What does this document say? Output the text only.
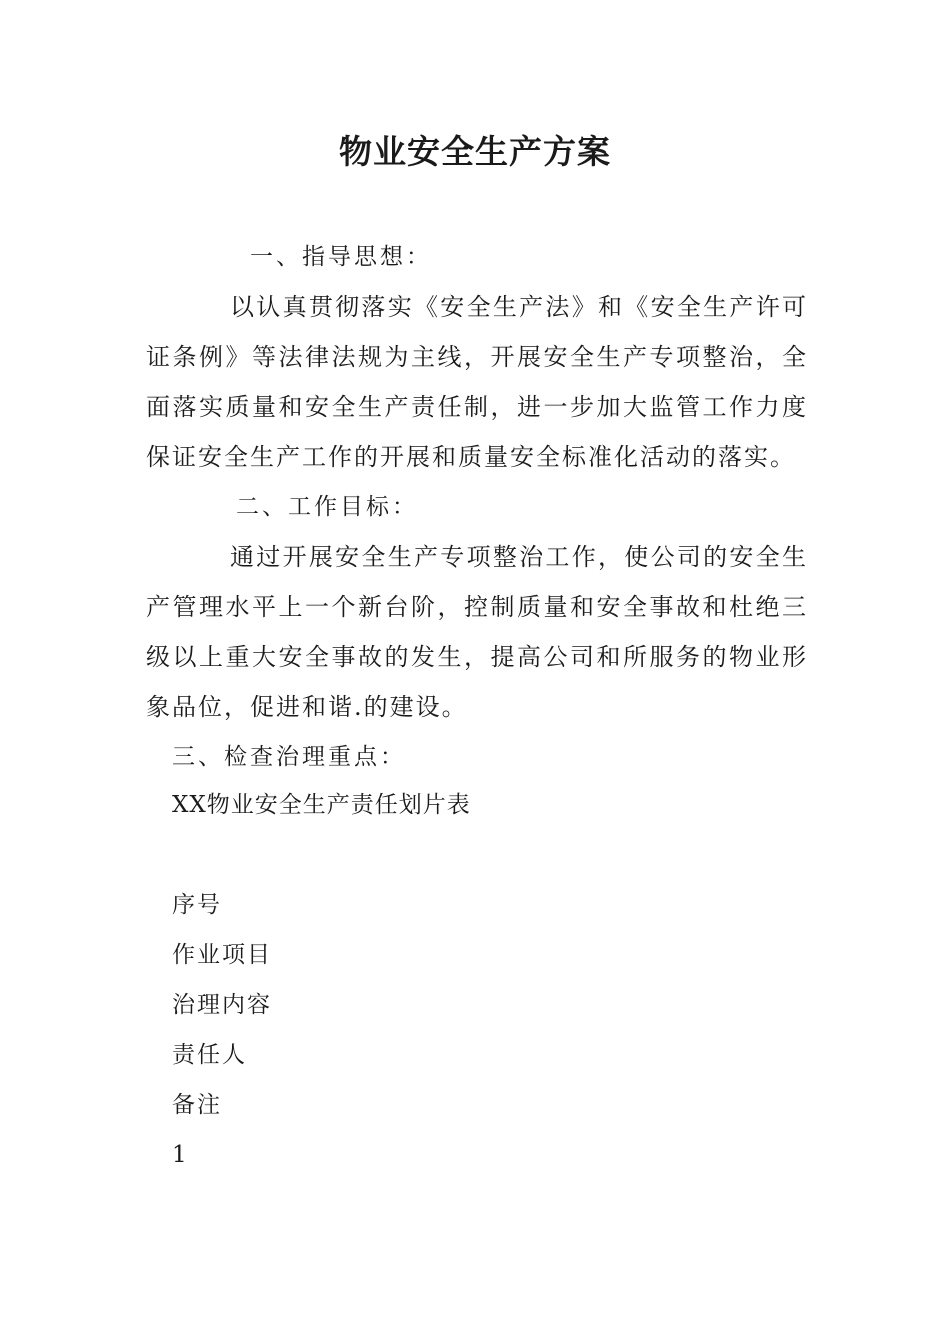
物业安全生产方案
一、指导思想：

以认真贯彻落实《安全生产法》和《安全生产许可证条例》等法律法规为主线，开展安全生产专项整治，全面落实质量和安全生产责任制，进一步加大监管工作力度保证安全生产工作的开展和质量安全标准化活动的落实。

二、工作目标：

通过开展安全生产专项整治工作，使公司的安全生产管理水平上一个新台阶，控制质量和安全事故和杜绝三级以上重大安全事故的发生，提高公司和所服务的物业形象品位，促进和谐.的建设。

三、检查治理重点：
XX物业安全生产责任划片表
序号
作业项目
治理内容
责任人
备注
1
